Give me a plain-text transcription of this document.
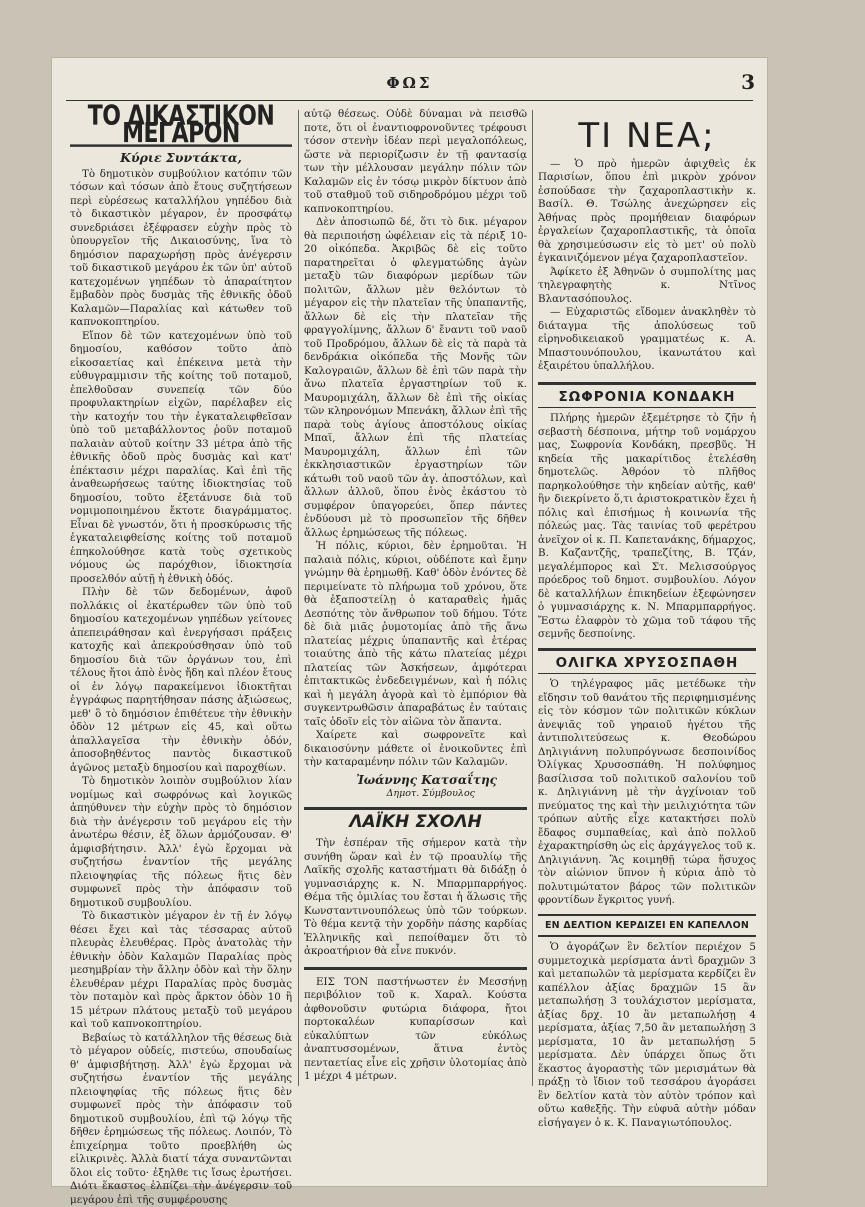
ΦΩΣ	3
ΤΟ ΔΙΚΑΣΤΙΚΟΝ ΜΕΓΑΡΟΝ
Κύριε Συντάκτα,

Τὸ δημοτικὸν συμβούλιον κατόπιν τῶν τόσων καὶ τόσων ἀπὸ ἔτους συζητήσεων περὶ εὑρέσεως καταλλήλου γηπέδου διὰ τὸ δικαστικὸν μέγαρον, ἐν προσφάτῳ συνεδριάσει ἐξέφρασεν εὐχὴν πρὸς τὸ ὑπουργεῖον τῆς Δικαιοσύνης, ἵνα τὸ δημόσιον παραχωρήσῃ πρὸς ἀνέγερσιν τοῦ δικαστικοῦ μεγάρου ἐκ τῶν ὑπ' αὐτοῦ κατεχομένων γηπέδων τὸ ἀπαραίτητον ἔμβαδὸν πρὸς δυσμὰς τῆς ἐθνικῆς ὁδοῦ Καλαμῶν—Παραλίας καὶ κάτωθεν τοῦ καπνοκοπτηρίου.

Εἴπον δὲ τῶν κατεχομένων ὑπὸ τοῦ δημοσίου, καθόσον τοῦτο ἀπὸ εἰκοσαετίας καὶ ἐπέκεινα μετὰ τὴν εὐθυγραμμισιν τῆς κοίτης τοῦ ποταμοῦ, ἐπελθοῦσαν συνεπείᾳ τῶν δύο προφυλακτηρίων εἰχῶν, παρέλαβεν εἰς τὴν κατοχήν του τὴν ἐγκαταλειφθεῖσαν ὑπὸ τοῦ μεταβάλλοντος ῥοῦν ποταμοῦ παλαιὰν αὐτοῦ κοίτην 33 μέτρα ἀπὸ τῆς ἐθνικῆς ὁδοῦ πρὸς δυσμὰς καὶ κατ' ἐπέκτασιν μέχρι παραλίας. Καὶ ἐπὶ τῆς ἀναθεωρήσεως ταύτης ἰδιοκτησίας τοῦ δημοσίου, τοῦτο ἐξετάνυσε διὰ τοῦ νομιμοποιημένου ἔκτοτε διαγράμματος. Εἶναι δὲ γνωστόν, ὅτι ἡ προσκύρωσις τῆς ἐγκαταλειφθείσης κοίτης τοῦ ποταμοῦ ἐπηκολούθησε κατὰ τοὺς σχετικοὺς νόμους ὡς παρόχθιον, ἰδιοκτησία προσελθόν αὐτῇ ἡ ἐθνικὴ ὁδός.

Πλὴν δὲ τῶν δεδομένων, ἀφοῦ πολλάκις οἱ ἑκατέρωθεν τῶν ὑπὸ τοῦ δημοσίου κατεχομένων γηπέδων γείτονες ἀπεπειράθησαν καὶ ἐνεργήσασι πράξεις κατοχῆς καὶ ἀπεκρούσθησαν ὑπὸ τοῦ δημοσίου διὰ τῶν ὀργάνων του, ἐπὶ τέλους ἤτοι ἀπὸ ἑνὸς ἤδη καὶ πλέον ἔτους οἱ ἐν λόγῳ παρακείμενοι ἰδιοκτῆται ἐγγράφως παρητήθησαν πάσης ἀξιώσεως, μεθ' ὃ τὸ δημόσιον ἐπιθέτευε τὴν ἐθνικὴν ὁδὸν 12 μέτρων εἰς 45, καὶ οὕτω ἀπαλλαγεῖσα τὴν ἐθνικὴν ὁδόν, ἀποσοβηθέντος παντὸς δικαστικοῦ ἀγῶνος μεταξὺ δημοσίου καὶ παροχθίων.

Τὸ δημοτικὸν λοιπὸν συμβούλιον λίαν νομίμως καὶ σωφρόνως καὶ λογικῶς ἀπηύθυνεν τὴν εὐχὴν πρὸς τὸ δημόσιον διὰ τὴν ἀνέγερσιν τοῦ μεγάρου εἰς τὴν ἀνωτέρω θέσιν, ἐξ ὅλων ἁρμόζουσαν. Θ' ἀμφισβήτησιν. Ἀλλ' ἐγὼ ἔρχομαι νὰ συζητήσω ἐναντίον τῆς μεγάλης πλειοψηφίας τῆς πόλεως ἥτις δὲν συμφωνεῖ πρὸς τὴν ἀπόφασιν τοῦ δημοτικοῦ συμβουλίου.

Τὸ δικαστικὸν μέγαρον ἐν τῇ ἐν λόγῳ θέσει ἔχει καὶ τὰς τέσσαρας αὐτοῦ πλευρὰς ἐλευθέρας. Πρὸς ἀνατολὰς τὴν ἐθνικὴν ὁδὸν Καλαμῶν Παραλίας πρὸς μεσημβρίαν τὴν ἄλλην ὁδὸν καὶ τὴν ὅλην ἐλευθέραν μέχρι Παραλίας πρὸς δυσμὰς τὸν ποταμὸν καὶ πρὸς ἄρκτον ὁδὸν 10 ἢ 15 μέτρων πλάτους μεταξὺ τοῦ μεγάρου καὶ τοῦ καπνοκοπτηρίου.

Βεβαίως τὸ κατάλληλον τῆς θέσεως διὰ τὸ μέγαρον οὐδείς, πιστεύω, σπουδαίως θ' ἀμφισβήτησῃ. Ἀλλ' ἐγὼ ἔρχομαι νὰ συζητήσω ἐναντίον τῆς μεγάλης πλειοψηφίας τῆς πόλεως ἥτις δὲν συμφωνεῖ πρὸς τὴν ἀπόφασιν τοῦ δημοτικοῦ συμβουλίου, ἐπὶ τῷ λόγῳ τῆς δῆθεν ἐρημώσεως τῆς πόλεως. Λοιπόν, Τὸ ἐπιχείρημα τοῦτο προεβλήθη ὡς εἰλικρινὲς. Ἀλλὰ διατί τάχα συναντῶνται ὅλοι εἰς τοῦτο· ἐξηλθε τις ἴσως ἐρωτήσει. Διότι ἕκαστος ἐλπίζει τὴν ἀνέγερσιν τοῦ μεγάρου ἐπὶ τῆς συμφέρουσης

αὐτῷ θέσεως. Οὐδὲ δύναμαι νὰ πεισθῶ ποτε, ὅτι οἱ ἐναντιοφρονοῦντες τρέφουσι τόσον στενὴν ἰδέαν περὶ μεγαλοπόλεως, ὥστε νὰ περιορίζωσιν ἐν τῇ φαντασίᾳ των τὴν μέλλουσαν μεγάλην πόλιν τῶν Καλαμῶν εἰς ἐν τόσῳ μικρὸν δίκτυον ἀπὸ τοῦ σταθμοῦ τοῦ σιδηροδρόμου μέχρι τοῦ καπνοκοπτηρίου.

Δὲν ἀποσιωπῶ δέ, ὅτι τὸ δικ. μέγαρον θὰ περιποιήσῃ ὠφέλειαν εἰς τὰ πέριξ 10-20 οἰκόπεδα. Ἀκριβῶς δὲ εἰς τοῦτο παρατηρεῖται ὁ φλεγματώδης ἀγὼν μεταξὺ τῶν διαφόρων μερίδων τῶν πολιτῶν, ἄλλων μὲν θελόντων τὸ μέγαρον εἰς τὴν πλατεῖαν τῆς ὑπαπαντῆς, ἄλλων δὲ εἰς τὴν πλατεῖαν τῆς φραγγολίμνης, ἄλλων δ' ἔναντι τοῦ ναοῦ τοῦ Προδρόμου, ἄλλων δὲ εἰς τὰ παρὰ τὰ δενδράκια οἰκόπεδα τῆς Μονῆς τῶν Καλογραιῶν, ἄλλων δὲ ἐπὶ τῶν παρὰ τὴν ἄνω πλατεῖα ἐργαστηρίων τοῦ κ. Μαυρομιχάλη, ἄλλων δὲ ἐπὶ τῆς οἰκίας τῶν κληρονόμων Μπενάκη, ἄλλων ἐπὶ τῆς παρὰ τοὺς ἁγίους ἀποστόλους οἰκίας Μπαϊ, ἄλλων ἐπὶ τῆς πλατείας Μαυρομιχάλη, ἄλλων ἐπὶ τῶν ἐκκλησιαστικῶν ἐργαστηρίων τῶν κάτωθι τοῦ ναοῦ τῶν ἁγ. ἀποστόλων, καὶ ἄλλων ἀλλοῦ, ὅπου ἑνὸς ἑκάστου τὸ συμφέρον ὑπαγορεύει, ὅπερ πάντες ἐνδύουσι μὲ τὸ προσωπεῖον τῆς δῆθεν ἄλλως ἐρημώσεως τῆς πόλεως.

Ἡ πόλις, κύριοι, δὲν ἐρημοῦται. Ἡ παλαιὰ πόλις, κύριοι, οὐδέποτε καὶ ἔμην γνώμην θὰ ἐρημωθῇ. Καθ' ὁδὸν ἐνόντες δὲ περιμείνατε τὸ πλήρωμα τοῦ χρόνου, ὅτε θὰ ἐξαποστείλῃ ὁ καταραθεὶς ἡμᾶς Δεσπότης τὸν ἄνθρωπον τοῦ δήμου. Τότε δὲ διὰ μιᾶς ῥυμοτομίας ἀπὸ τῆς ἄνω πλατείας μέχρις ὑπαπαντῆς καὶ ἑτέρας τοιαύτης ἀπὸ τῆς κάτω πλατείας μέχρι πλατείας τῶν Ἀσκήσεων, ἀμφότεραι ἐπιτακτικῶς ἐνδεδειγμένων, καὶ ἡ πόλις καὶ ἡ μεγάλη ἀγορὰ καὶ τὸ ἐμπόριον θὰ συγκεντρωθῶσιν ἀπαραβάτως ἐν ταύταις ταῖς ὁδοῖν εἰς τὸν αἰῶνα τὸν ἅπαντα.

Χαίρετε καὶ σωφρονεῖτε καὶ δικαιοσύνην μάθετε οἱ ἐνοικοῦντες ἐπὶ τὴν καταραμένην πόλιν τῶν Καλαμῶν.

Ἰωάννης Κατσαΐτης
Δημοτ. Σύμβουλος
ΛΑΪΚΗ ΣΧΟΛΗ

Τὴν ἑσπέραν τῆς σήμερον κατὰ τὴν συνήθη ὥραν καὶ ἐν τῷ προαυλίῳ τῆς Λαϊκῆς σχολῆς καταστήματι θὰ διδάξῃ ὁ γυμνασιάρχης κ. Ν. Μπαρμπαρρήγος. Θέμα τῆς ὁμιλίας του ἔσται ἡ ἅλωσις τῆς Κωνσταντινουπόλεως ὑπὸ τῶν τούρκων. Τὸ θέμα κεντᾷ τὴν χορδὴν πάσης καρδίας Ἑλληνικῆς καὶ πεποίθαμεν ὅτι τὸ ἀκροατήριον θὰ εἶνε πυκνόν.

ΕΙΣ ΤΟΝ παστήνωστεν ἐν Μεσσήνῃ περιβόλιον τοῦ κ. Χαραλ. Κούστα ἀφθονοῦσιν φυτώρια διάφορα, ἤτοι πορτοκαλέων κυπαρίσσων καὶ εὐκαλύπτων τῶν εὐκόλως ἀναπτυσσομένων, ἅτινα ἐντὸς πενταετίας εἶνε εἰς χρῆσιν ὑλοτομίας ἀπὸ 1 μέχρι 4 μέτρων.

ΤΙ ΝΕΑ;

— Ὁ πρὸ ἡμερῶν ἀφιχθεὶς ἐκ Παρισίων, ὅπου ἐπὶ μικρὸν χρόνον ἐσπούδασε τὴν ζαχαροπλαστικὴν κ. Βασίλ. Θ. Τσώλης ἀνεχώρησεν εἰς Ἀθήνας πρὸς προμήθειαν διαφόρων ἐργαλείων ζαχαροπλαστικῆς, τὰ ὁποῖα θὰ χρησιμεύσωσιν εἰς τὸ μετ' οὐ πολὺ ἐγκαινιζόμενον μέγα ζαχαροπλαστεῖον.

Ἀφίκετο ἐξ Ἀθηνῶν ὁ συμπολίτης μας τηλεγραφητὴς κ. Ντῖνος Βλαντασόπουλος.

— Εὐχαριστῶς εἴδομεν ἀνακληθὲν τὸ διάταγμα τῆς ἀπολύσεως τοῦ εἰρηνοδικειακοῦ γραμματέως κ. Α. Μπαστουνόπουλου, ἱκανωτάτου καὶ ἐξαιρέτου ὑπαλλήλου.

ΣΩΦΡΟΝΙΑ ΚΟΝΔΑΚΗ

Πλήρης ἡμερῶν ἐξεμέτρησε τὸ ζῆν ἡ σεβαστὴ δέσποινα, μήτηρ τοῦ νομάρχου μας, Σωφρονία Κονδάκη, πρεσβῦς. Ἡ κηδεία τῆς μακαρίτιδος ἐτελέσθη δημοτελῶς. Ἀθρόον τὸ πλῆθος παρηκολούθησε τὴν κηδείαν αὐτῆς, καθ' ἣν διεκρίνετο ὅ,τι ἀριστοκρατικὸν ἔχει ἡ πόλις καὶ ἐπισήμως ἡ κοινωνία τῆς πόλεώς μας. Τὰς ταινίας τοῦ φερέτρου ἀνεῖχον οἱ κ. Π. Καπετανάκης, δήμαρχος, Β. Καζαντζῆς, τραπεζίτης, Β. Τζάν, μεγαλέμπορος καὶ Στ. Μελισσούργος πρόεδρος τοῦ δημοτ. συμβουλίου. Λόγον δὲ καταλλήλων ἐπικηδείων ἐξεφώνησεν ὁ γυμνασιάρχης κ. Ν. Μπαρμπαρρήγος. Ἔστω ἐλαφρὸν τὸ χῶμα τοῦ τάφου τῆς σεμνῆς δεσποίνης.

ΟΛΙΓΚΑ ΧΡΥΣΟΣΠΑΘΗ

Ὁ τηλέγραφος μᾶς μετέδωκε τὴν εἴδησιν τοῦ θανάτου τῆς περιφημισμένης εἰς τὸν κόσμον τῶν πολιτικῶν κύκλων ἀνεψιᾶς τοῦ γηραιοῦ ἡγέτου τῆς ἀντιπολιτεύσεως κ. Θεοδώρου Δηλιγιάννη πολυπρόγνωσε δεσποινίδος Ὀλίγκας Χρυσοσπάθη. Ἡ πολύφημος βασίλισσα τοῦ πολιτικοῦ σαλονίου τοῦ κ. Δηλιγιάννη μὲ τὴν ἀγχίνοιαν τοῦ πνεύματος της καὶ τὴν μειλιχιότητα τῶν τρόπων αὐτῆς εἶχε κατακτήσει πολὺ ἔδαφος συμπαθείας, καὶ ἀπὸ πολλοῦ ἐχαρακτηρίσθη ὡς εἰς ἀρχάγγελος τοῦ κ. Δηλιγιάννη. Ἂς κοιμηθῇ τώρα ἥσυχος τὸν αἰώνιον ὕπνον ἡ κύρια ἀπὸ τὸ πολυτιμώτατον βάρος τῶν πολιτικῶν φροντίδων ἔγκριτος γυνή.

ΕΝ ΔΕΛΤΙΟΝ ΚΕΡΔΙΖΕΙ ΕΝ ΚΑΠΕΛΛΟΝ

Ὁ ἀγοράζων ἓν δελτίον περιέχον 5 συμμετοχικὰ μερίσματα ἀντὶ δραχμῶν 3 καὶ μεταπωλῶν τὰ μερίσματα κερδίζει ἓν καπέλλον ἀξίας δραχμῶν 15 ἂν μεταπωλήσῃ 3 τουλάχιστον μερίσματα, ἀξίας δρχ. 10 ἂν μεταπωλήσῃ 4 μερίσματα, ἀξίας 7,50 ἂν μεταπωλήσῃ 3 μερίσματα, 10 ἂν μεταπωλήσῃ 5 μερίσματα. Δὲν ὑπάρχει ὅπως ὅτι ἕκαστος ἀγοραστὴς τῶν μερισμάτων θὰ πράξῃ τὸ ἴδιον τοῦ τεσσάρου ἀγοράσει ἓν δελτίον κατὰ τὸν αὐτὸν τρόπον καὶ οὕτω καθεξῆς. Τὴν εὐφυᾶ αὐτὴν μόδαν εἰσήγαγεν ὁ κ. Κ. Παναγιωτόπουλος.
